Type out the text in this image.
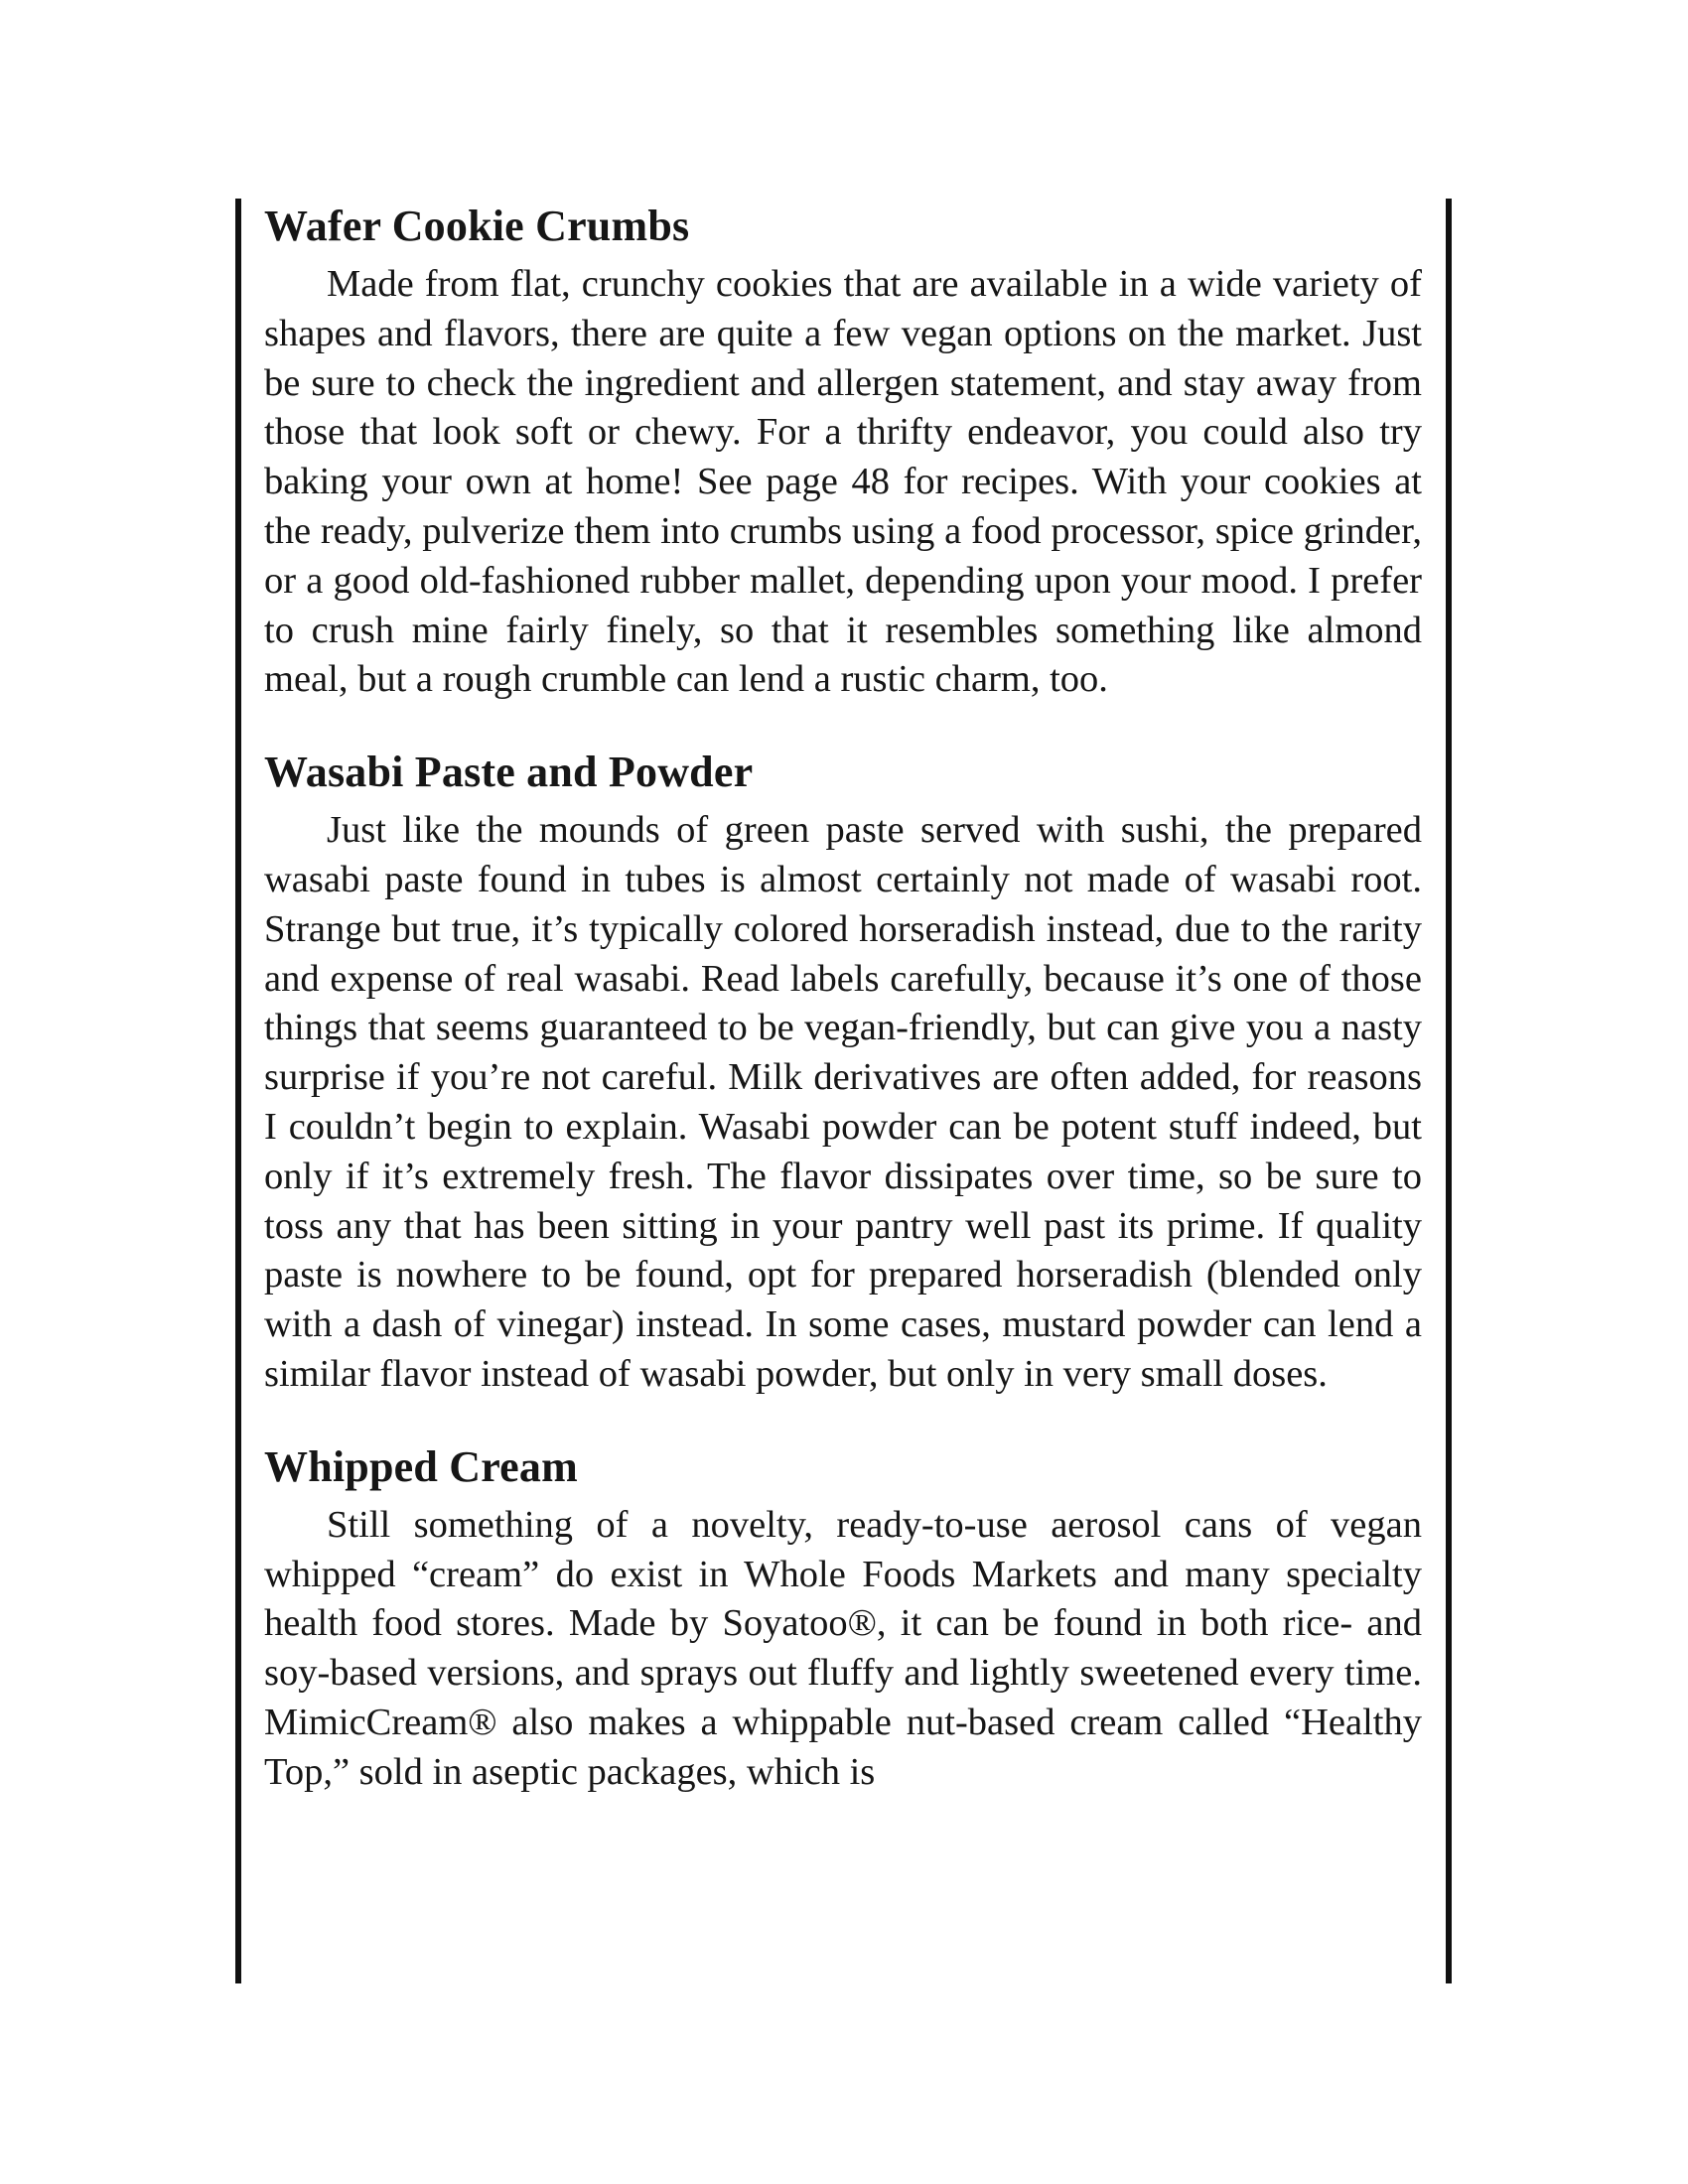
Wafer Cookie Crumbs

Made from flat, crunchy cookies that are available in a wide variety of shapes and flavors, there are quite a few vegan options on the market. Just be sure to check the ingredient and allergen statement, and stay away from those that look soft or chewy. For a thrifty endeavor, you could also try baking your own at home! See page 48 for recipes. With your cookies at the ready, pulverize them into crumbs using a food processor, spice grinder, or a good old-fashioned rubber mallet, depending upon your mood. I prefer to crush mine fairly finely, so that it resembles something like almond meal, but a rough crumble can lend a rustic charm, too.

Wasabi Paste and Powder

Just like the mounds of green paste served with sushi, the prepared wasabi paste found in tubes is almost certainly not made of wasabi root. Strange but true, it’s typically colored horseradish instead, due to the rarity and expense of real wasabi. Read labels carefully, because it’s one of those things that seems guaranteed to be vegan-friendly, but can give you a nasty surprise if you’re not careful. Milk derivatives are often added, for reasons I couldn’t begin to explain. Wasabi powder can be potent stuff indeed, but only if it’s extremely fresh. The flavor dissipates over time, so be sure to toss any that has been sitting in your pantry well past its prime. If quality paste is nowhere to be found, opt for prepared horseradish (blended only with a dash of vinegar) instead. In some cases, mustard powder can lend a similar flavor instead of wasabi powder, but only in very small doses.

Whipped Cream

Still something of a novelty, ready-to-use aerosol cans of vegan whipped “cream” do exist in Whole Foods Markets and many specialty health food stores. Made by Soyatoo®, it can be found in both rice- and soy-based versions, and sprays out fluffy and lightly sweetened every time. MimicCream® also makes a whippable nut-based cream called “Healthy Top,” sold in aseptic packages, which is
